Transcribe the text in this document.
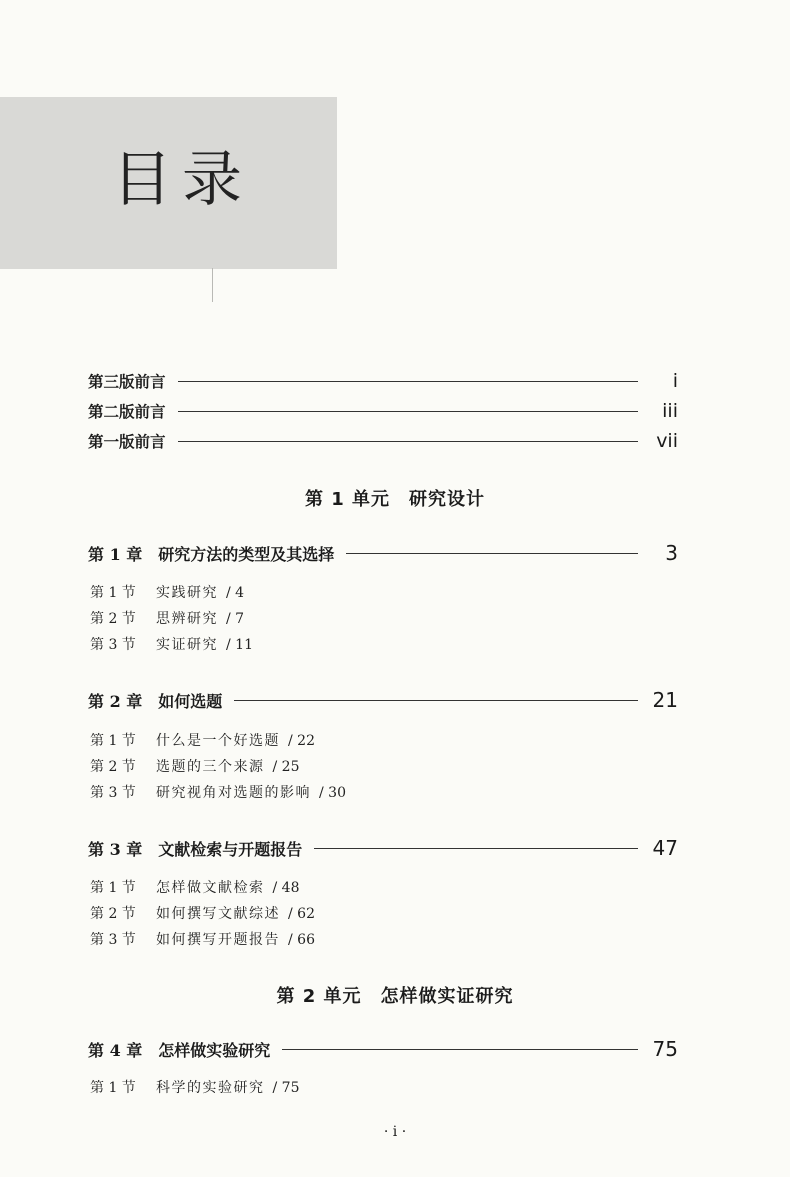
目录
第三版前言	i
第二版前言	iii
第一版前言	vii
第 1 单元　研究设计
第 1 章　研究方法的类型及其选择	3
第 1 节 实践研究 / 4
第 2 节 思辨研究 / 7
第 3 节 实证研究 / 11
第 2 章　如何选题	21
第 1 节 什么是一个好选题 / 22
第 2 节 选题的三个来源 / 25
第 3 节 研究视角对选题的影响 / 30
第 3 章　文献检索与开题报告	47
第 1 节 怎样做文献检索 / 48
第 2 节 如何撰写文献综述 / 62
第 3 节 如何撰写开题报告 / 66
第 2 单元　怎样做实证研究
第 4 章　怎样做实验研究	75
第 1 节 科学的实验研究 / 75
· i ·
